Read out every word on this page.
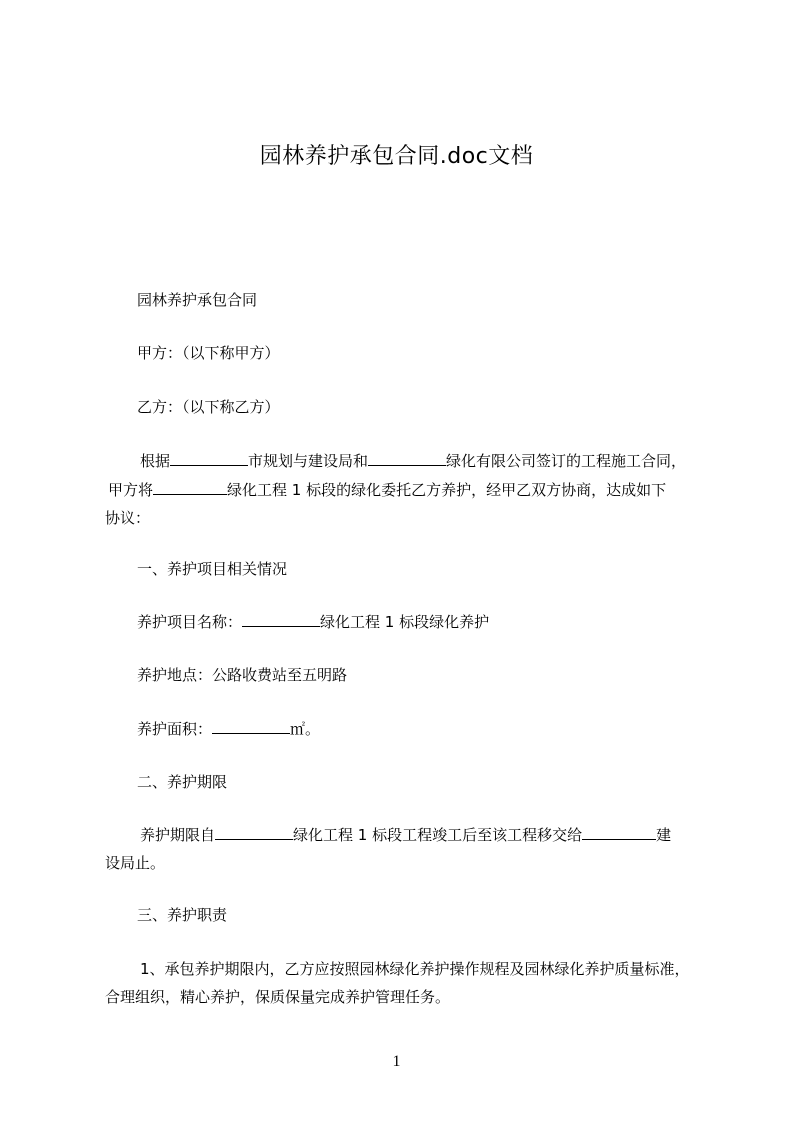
园林养护承包合同.doc文档
园林养护承包合同
甲方：（以下称甲方）
乙方：（以下称乙方）
根据	市规划与建设局和	绿化有限公司签订的工程施工合同，
甲方将	绿化工程 1 标段的绿化委托乙方养护，经甲乙双方协商，达成如下
协议：
一、养护项目相关情况
养护项目名称：	绿化工程 1 标段绿化养护
养护地点：公路收费站至五明路
养护面积：	㎡。
二、养护期限
养护期限自	绿化工程 1 标段工程竣工后至该工程移交给	建
设局止。
三、养护职责
1、承包养护期限内，乙方应按照园林绿化养护操作规程及园林绿化养护质量标准，
合理组织，精心养护，保质保量完成养护管理任务。
1
